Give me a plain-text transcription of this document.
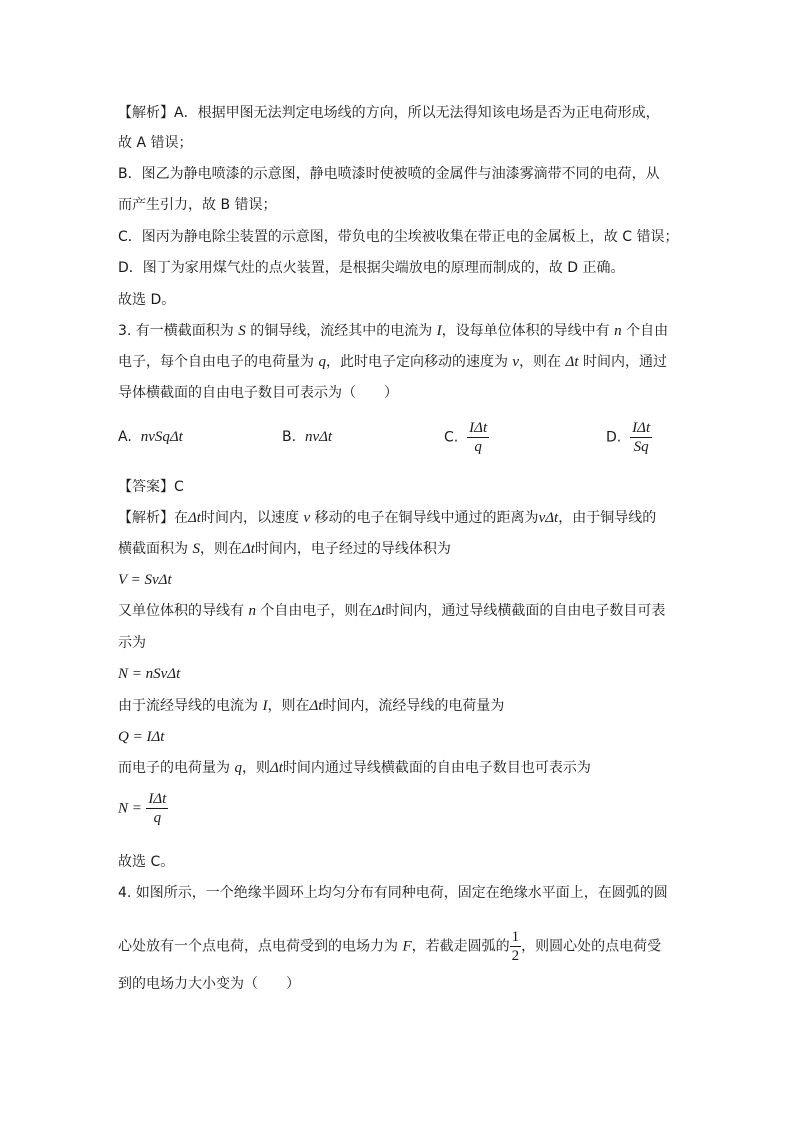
【解析】A．根据甲图无法判定电场线的方向，所以无法得知该电场是否为正电荷形成，
故 A 错误；
B．图乙为静电喷漆的示意图，静电喷漆时使被喷的金属件与油漆雾滴带不同的电荷，从
而产生引力，故 B 错误；
C．图丙为静电除尘装置的示意图，带负电的尘埃被收集在带正电的金属板上，故 C 错误；
D．图丁为家用煤气灶的点火装置，是根据尖端放电的原理而制成的，故 D 正确。
故选 D。
3. 有一横截面积为 S 的铜导线，流经其中的电流为 I，设每单位体积的导线中有 n 个自由
电子，每个自由电子的电荷量为 q，此时电子定向移动的速度为 v，则在 Δt 时间内，通过
导体横截面的自由电子数目可表示为（　　）
A. nvSqΔt	B. nvΔt	C. $\frac{\text{IΔt}}{q}$	D. $\frac{\text{IΔt}}{Sq}$
【答案】C
【解析】在Δt时间内，以速度 v 移动的电子在铜导线中通过的距离为vΔt，由于铜导线的
横截面积为 S，则在Δt时间内，电子经过的导线体积为
V = SvΔt
又单位体积的导线有 n 个自由电子，则在Δt时间内，通过导线横截面的自由电子数目可表
示为
N = nSvΔt
由于流经导线的电流为 I，则在Δt时间内，流经导线的电荷量为
Q = IΔt
而电子的电荷量为 q，则Δt时间内通过导线横截面的自由电子数目也可表示为
$N = \frac{\text{IΔt}}{q}$
故选 C。
4. 如图所示，一个绝缘半圆环上均匀分布有同种电荷，固定在绝缘水平面上，在圆弧的圆
心处放有一个点电荷，点电荷受到的电场力为 F，若截走圆弧的 $\frac{1}{2}$ ，则圆心处的点电荷受
到的电场力大小变为（　　）
